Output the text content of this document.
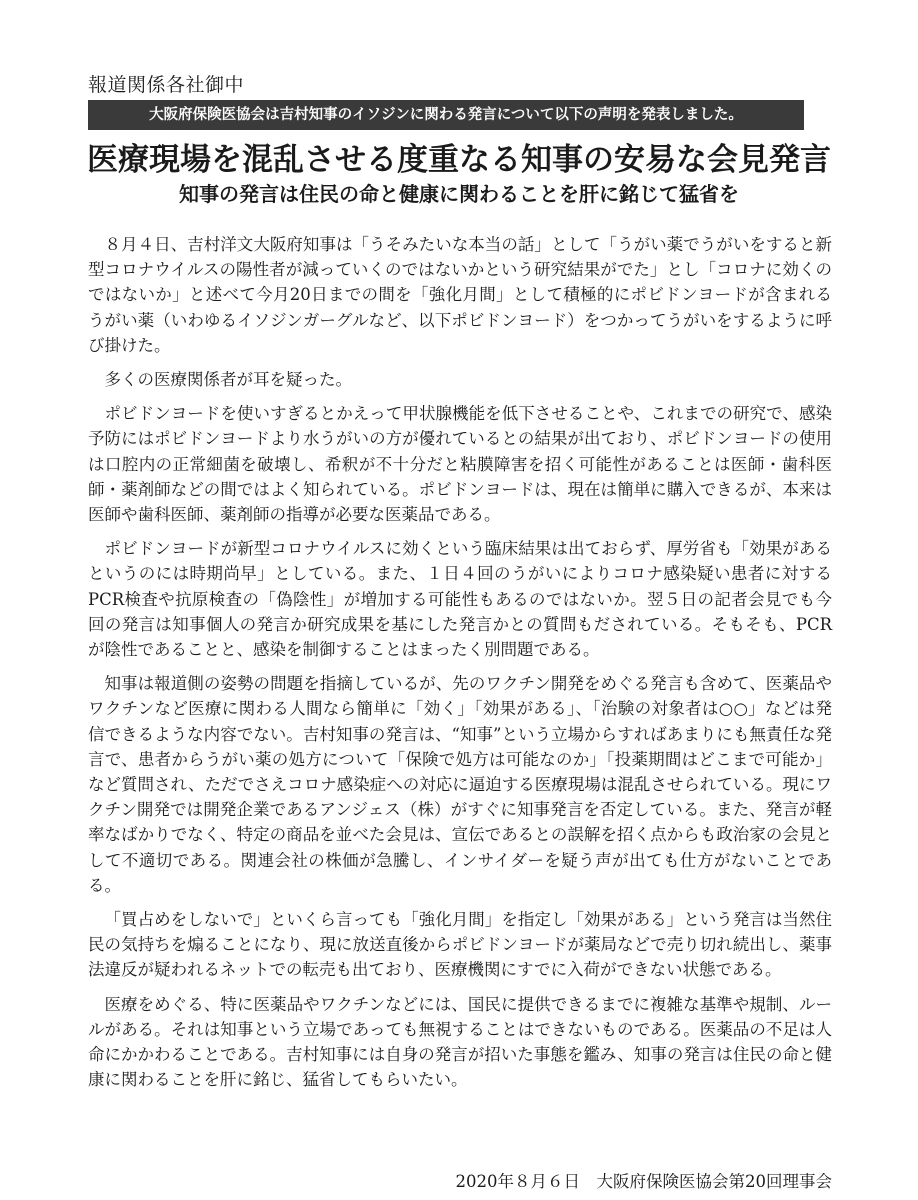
報道関係各社御中
大阪府保険医協会は吉村知事のイソジンに関わる発言について以下の声明を発表しました。
医療現場を混乱させる度重なる知事の安易な会見発言
知事の発言は住民の命と健康に関わることを肝に銘じて猛省を

８月４日、吉村洋文大阪府知事は「うそみたいな本当の話」として「うがい薬でうがいをすると新型コロナウイルスの陽性者が減っていくのではないかという研究結果がでた」とし「コロナに効くのではないか」と述べて今月20日までの間を「強化月間」として積極的にポビドンヨードが含まれるうがい薬（いわゆるイソジンガーグルなど、以下ポビドンヨード）をつかってうがいをするように呼び掛けた。

多くの医療関係者が耳を疑った。

ポビドンヨードを使いすぎるとかえって甲状腺機能を低下させることや、これまでの研究で、感染予防にはポビドンヨードより水うがいの方が優れているとの結果が出ており、ポビドンヨードの使用は口腔内の正常細菌を破壊し、希釈が不十分だと粘膜障害を招く可能性があることは医師・歯科医師・薬剤師などの間ではよく知られている。ポビドンヨードは、現在は簡単に購入できるが、本来は医師や歯科医師、薬剤師の指導が必要な医薬品である。

ポビドンヨードが新型コロナウイルスに効くという臨床結果は出ておらず、厚労省も「効果があるというのには時期尚早」としている。また、１日４回のうがいによりコロナ感染疑い患者に対するPCR検査や抗原検査の「偽陰性」が増加する可能性もあるのではないか。翌５日の記者会見でも今回の発言は知事個人の発言か研究成果を基にした発言かとの質問もだされている。そもそも、PCRが陰性であることと、感染を制御することはまったく別問題である。

知事は報道側の姿勢の問題を指摘しているが、先のワクチン開発をめぐる発言も含めて、医薬品やワクチンなど医療に関わる人間なら簡単に「効く」「効果がある」、「治験の対象者は○○」などは発信できるような内容でない。吉村知事の発言は、“知事”という立場からすればあまりにも無責任な発言で、患者からうがい薬の処方について「保険で処方は可能なのか」「投薬期間はどこまで可能か」など質問され、ただでさえコロナ感染症への対応に逼迫する医療現場は混乱させられている。現にワクチン開発では開発企業であるアンジェス（株）がすぐに知事発言を否定している。また、発言が軽率なばかりでなく、特定の商品を並べた会見は、宣伝であるとの誤解を招く点からも政治家の会見として不適切である。関連会社の株価が急騰し、インサイダーを疑う声が出ても仕方がないことである。

「買占めをしないで」といくら言っても「強化月間」を指定し「効果がある」という発言は当然住民の気持ちを煽ることになり、現に放送直後からポビドンヨードが薬局などで売り切れ続出し、薬事法違反が疑われるネットでの転売も出ており、医療機関にすでに入荷ができない状態である。

医療をめぐる、特に医薬品やワクチンなどには、国民に提供できるまでに複雑な基準や規制、ルールがある。それは知事という立場であっても無視することはできないものである。医薬品の不足は人命にかかわることである。吉村知事には自身の発言が招いた事態を鑑み、知事の発言は住民の命と健康に関わることを肝に銘じ、猛省してもらいたい。

2020年８月６日　大阪府保険医協会第20回理事会
